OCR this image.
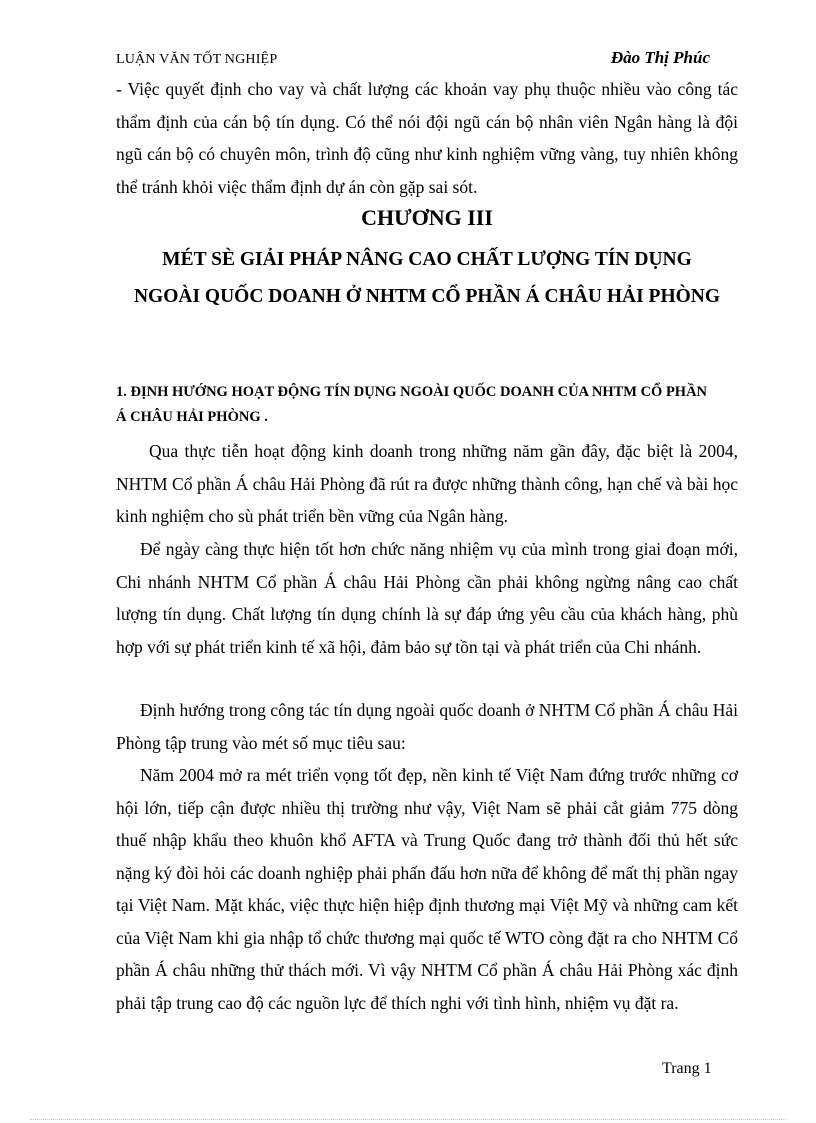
LUẬN VĂN TỐT NGHIỆP	Đào Thị Phúc

- Việc quyết định cho vay và chất lượng các khoản vay phụ thuộc nhiều vào công tác thẩm định của cán bộ tín dụng. Có thể nói đội ngũ cán bộ nhân viên Ngân hàng là đội ngũ cán bộ có chuyên môn, trình độ cũng như kinh nghiệm vững vàng, tuy nhiên không thể tránh khỏi việc thẩm định dự án còn gặp sai sót.

CHƯƠNG III
MÉT SÈ GIẢI PHÁP NÂNG CAO CHẤT LƯỢNG TÍN DỤNG NGOÀI QUỐC DOANH Ở NHTM CỔ PHẦN Á CHÂU HẢI PHÒNG
1. ĐỊNH HƯỚNG HOẠT ĐỘNG TÍN DỤNG NGOÀI QUỐC DOANH CỦA NHTM CỔ PHẦN Á CHÂU HẢI PHÒNG .

Qua thực tiễn hoạt động kinh doanh trong những năm gần đây, đặc biệt là 2004, NHTM Cổ phần Á châu Hải Phòng đã rút ra được những thành công, hạn chế và bài học kinh nghiệm cho sù phát triển bền vững của Ngân hàng.

Để ngày càng thực hiện tốt hơn chức năng nhiệm vụ của mình trong giai đoạn mới, Chi nhánh NHTM Cổ phần Á châu Hải Phòng cần phải không ngừng nâng cao chất lượng tín dụng. Chất lượng tín dụng chính là sự đáp ứng yêu cầu của khách hàng, phù hợp với sự phát triển kinh tế xã hội, đảm bảo sự tồn tại và phát triển của Chi nhánh.

Định hướng trong công tác tín dụng ngoài quốc doanh ở NHTM Cổ phần Á châu Hải Phòng tập trung vào mét số mục tiêu sau:

Năm 2004 mở ra mét triển vọng tốt đẹp, nền kinh tế Việt Nam đứng trước những cơ hội lớn, tiếp cận được nhiều thị trường như vậy, Việt Nam sẽ phải cắt giảm 775 dòng thuế nhập khẩu theo khuôn khổ AFTA và Trung Quốc đang trở thành đối thủ hết sức nặng ký đòi hỏi các doanh nghiệp phải phấn đấu hơn nữa để không để mất thị phần ngay tại Việt Nam. Mặt khác, việc thực hiện hiệp định thương mại Việt Mỹ và những cam kết của Việt Nam khi gia nhập tổ chức thương mại quốc tế WTO còng đặt ra cho NHTM Cổ phần Á châu những thử thách mới. Vì vậy NHTM Cổ phần Á châu Hải Phòng xác định phải tập trung cao độ các nguồn lực để thích nghi với tình hình, nhiệm vụ đặt ra.

Trang 1
